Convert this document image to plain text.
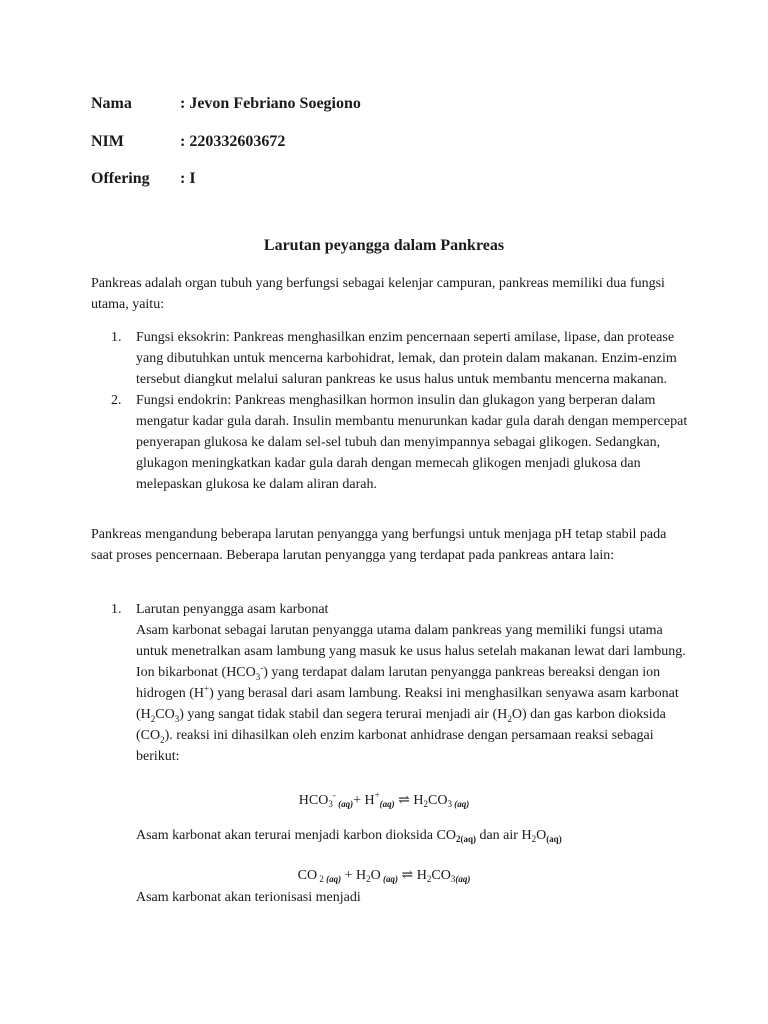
Nama	: Jevon Febriano Soegiono
NIM	: 220332603672
Offering : I
Larutan peyangga dalam Pankreas

Pankreas adalah organ tubuh yang berfungsi sebagai kelenjar campuran, pankreas memiliki dua fungsi utama, yaitu:

1. Fungsi eksokrin: Pankreas menghasilkan enzim pencernaan seperti amilase, lipase, dan protease yang dibutuhkan untuk mencerna karbohidrat, lemak, dan protein dalam makanan. Enzim-enzim tersebut diangkut melalui saluran pankreas ke usus halus untuk membantu mencerna makanan.
2. Fungsi endokrin: Pankreas menghasilkan hormon insulin dan glukagon yang berperan dalam mengatur kadar gula darah. Insulin membantu menurunkan kadar gula darah dengan mempercepat penyerapan glukosa ke dalam sel-sel tubuh dan menyimpannya sebagai glikogen. Sedangkan, glukagon meningkatkan kadar gula darah dengan memecah glikogen menjadi glukosa dan melepaskan glukosa ke dalam aliran darah.

Pankreas mengandung beberapa larutan penyangga yang berfungsi untuk menjaga pH tetap stabil pada saat proses pencernaan. Beberapa larutan penyangga yang terdapat pada pankreas antara lain:

1. Larutan penyangga asam karbonat
Asam karbonat sebagai larutan penyangga utama dalam pankreas yang memiliki fungsi utama untuk menetralkan asam lambung yang masuk ke usus halus setelah makanan lewat dari lambung. Ion bikarbonat $(HCO_3^-)$ yang terdapat dalam larutan penyangga pankreas bereaksi dengan ion hidrogen (H+) yang berasal dari asam lambung. Reaksi ini menghasilkan senyawa asam karbonat $(H_2CO_3)$ yang sangat tidak stabil dan segera terurai menjadi air $(H_2O)$ dan gas karbon dioksida $(CO_2)$. reaksi ini dihasilkan oleh enzim karbonat anhidrase dengan persamaan reaksi sebagai berikut:
$HCO_3^-$ $_{(aq)}+ H^+_{(aq)}$ ⇌ $H_2CO_3$ $_{(aq)}$
Asam karbonat akan terurai menjadi karbon dioksida $CO_{2(aq)}$ dan air $H_2O_{(aq)}$
CO $_2$ $_{(aq)} + H_2O$ $_{(aq)}$ ⇌ $H_2CO_{3(aq)}$
Asam karbonat akan terionisasi menjadi
